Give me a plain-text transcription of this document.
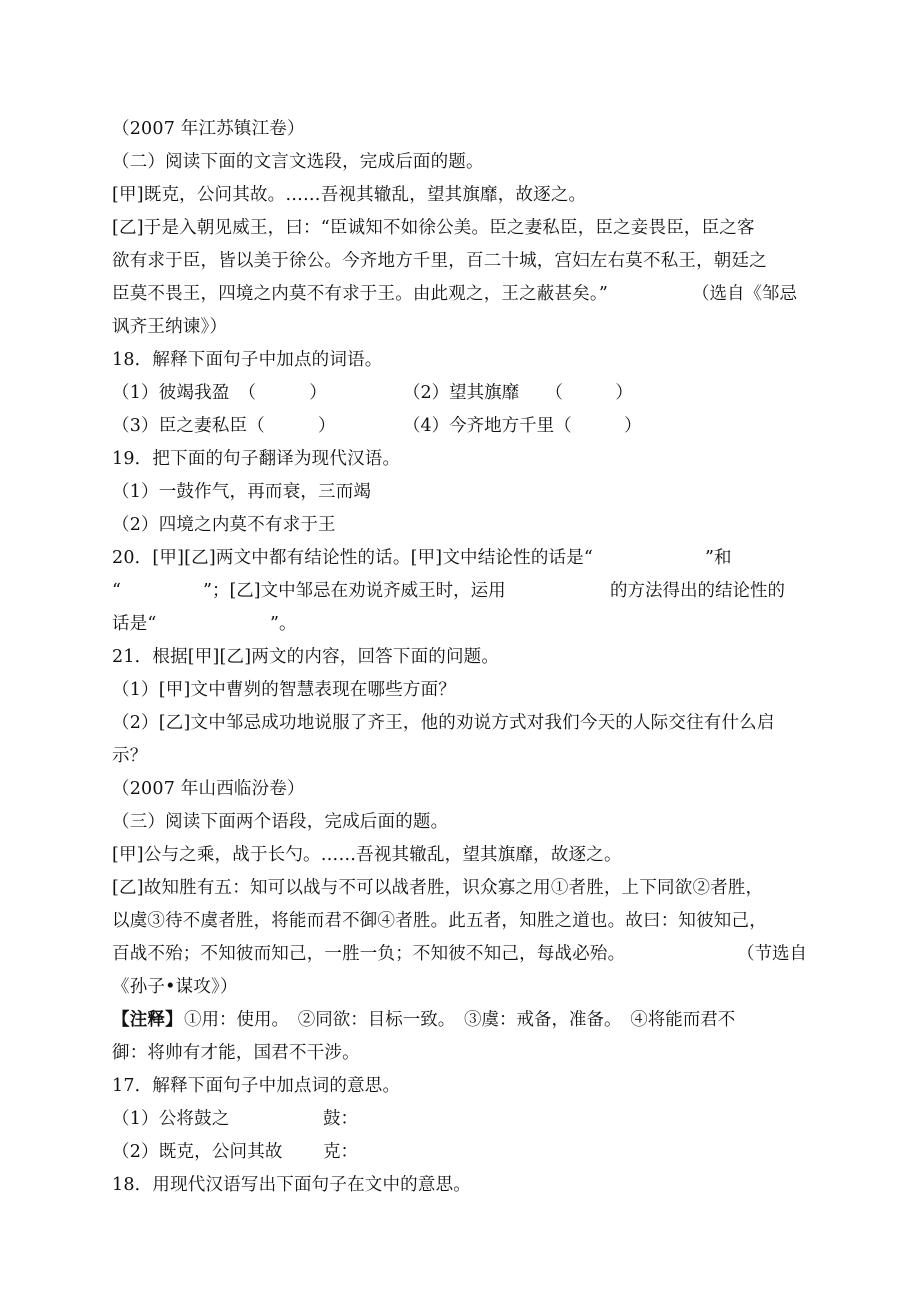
（2007 年江苏镇江卷）
（二）阅读下面的文言文选段，完成后面的题。
[甲]既克，公问其故。……吾视其辙乱，望其旗靡，故逐之。
[乙]于是入朝见威王，曰：“臣诚知不如徐公美。臣之妻私臣，臣之妾畏臣，臣之客
欲有求于臣，皆以美于徐公。今齐地方千里，百二十城，宫妇左右莫不私王，朝廷之
臣莫不畏王，四境之内莫不有求于王。由此观之，王之蔽甚矣。”	（选自《邹忌
讽齐王纳谏》）
18．解释下面句子中加点的词语。
（1）彼竭我盈　（　　　）	（2）望其旗靡　　（　　　）
（3）臣之妻私臣（　　　）	（4）今齐地方千里（　　　）
19．把下面的句子翻译为现代汉语。
（1）一鼓作气，再而衰，三而竭
（2）四境之内莫不有求于王
20．[甲][乙]两文中都有结论性的话。[甲]文中结论性的话是“	”和
“	”；[乙]文中邹忌在劝说齐威王时，运用	的方法得出的结论性的
话是“	”。
21．根据[甲][乙]两文的内容，回答下面的问题。
（1）[甲]文中曹刿的智慧表现在哪些方面？
（2）[乙]文中邹忌成功地说服了齐王，他的劝说方式对我们今天的人际交往有什么启
示？
（2007 年山西临汾卷）
（三）阅读下面两个语段，完成后面的题。
[甲]公与之乘，战于长勺。……吾视其辙乱，望其旗靡，故逐之。
[乙]故知胜有五：知可以战与不可以战者胜，识众寡之用①者胜，上下同欲②者胜，
以虞③待不虞者胜，将能而君不御④者胜。此五者，知胜之道也。故曰：知彼知己，
百战不殆；不知彼而知己，一胜一负；不知彼不知己，每战必殆。	（节选自
《孙子•谋攻》）
【注释】 ①用：使用。　②同欲：目标一致。　③虞：戒备，准备。　④将能而君不
御：将帅有才能，国君不干涉。
17．解释下面句子中加点词的意思。
（1）公将鼓之	鼓：
（2）既克，公问其故 克：
18．用现代汉语写出下面句子在文中的意思。
